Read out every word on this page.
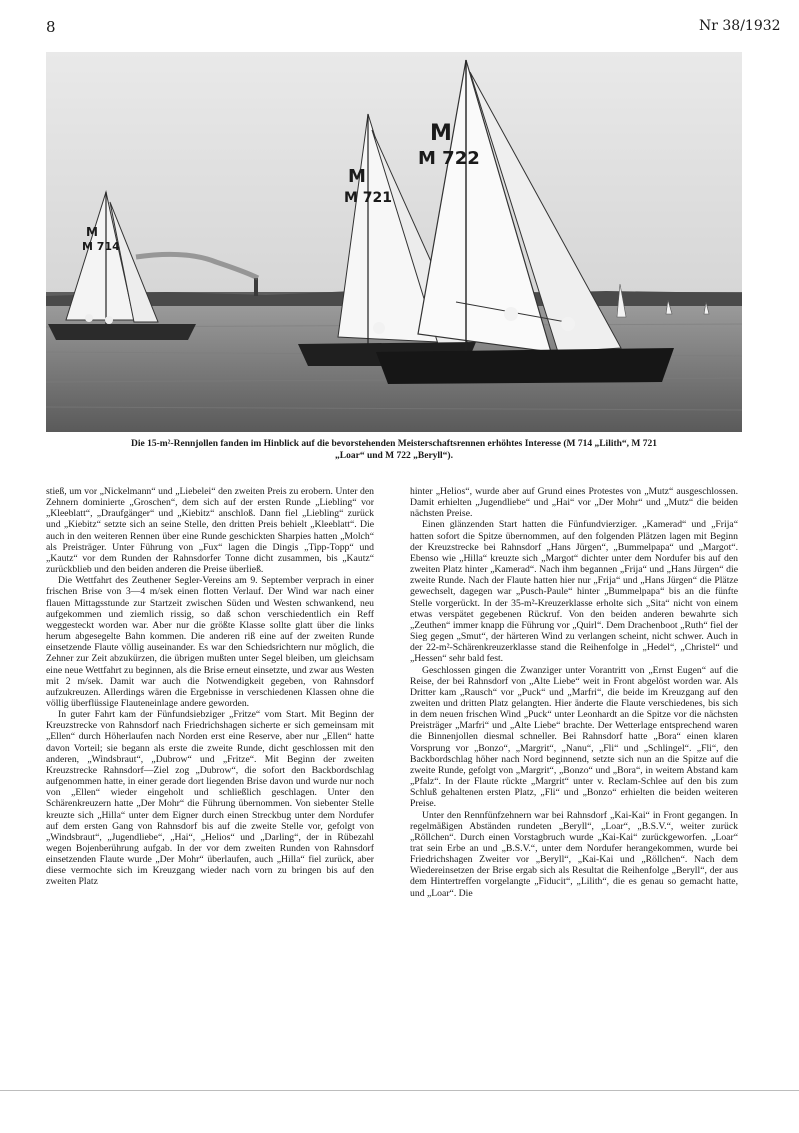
8	Nr 38/1932
M
M 714
M
M 721
M
M 722
Die 15-m²-Rennjollen fanden im Hinblick auf die bevorstehenden Meisterschaftsrennen erhöhtes Interesse (M 714 „Lilith“, M 721
„Loar“ und M 722 „Beryll“).

stieß, um vor „Nickelmann“ und „Liebelei“ den zweiten Preis zu erobern. Unter den Zehnern dominierte „Groschen“, dem sich auf der ersten Runde „Liebling“ vor „Kleeblatt“, „Draufgänger“ und „Kiebitz“ anschloß. Dann fiel „Liebling“ zurück und „Kiebitz“ setzte sich an seine Stelle, den dritten Preis behielt „Kleeblatt“. Die auch in den weiteren Rennen über eine Runde geschickten Sharpies hatten „Molch“ als Preisträger. Unter Führung von „Fux“ lagen die Dingis „Tipp-Topp“ und „Kautz“ vor dem Runden der Rahnsdorfer Tonne dicht zusammen, bis „Kautz“ zurückblieb und den beiden anderen die Preise überließ.

Die Wettfahrt des Zeuthener Segler-Vereins am 9. September verprach in einer frischen Brise von 3—4 m/sek einen flotten Verlauf. Der Wind war nach einer flauen Mittagsstunde zur Startzeit zwischen Süden und Westen schwankend, neu aufgekommen und ziemlich rissig, so daß schon verschiedentlich ein Reff weggesteckt worden war. Aber nur die größte Klasse sollte glatt über die links herum abgesegelte Bahn kommen. Die anderen riß eine auf der zweiten Runde einsetzende Flaute völlig auseinander. Es war den Schiedsrichtern nur möglich, die Zehner zur Zeit abzukürzen, die übrigen mußten unter Segel bleiben, um gleichsam eine neue Wettfahrt zu beginnen, als die Brise erneut einsetzte, und zwar aus Westen mit 2 m/sek. Damit war auch die Notwendigkeit gegeben, von Rahnsdorf aufzukreuzen. Allerdings wären die Ergebnisse in verschiedenen Klassen ohne die völlig überflüssige Flauteneinlage andere geworden.

In guter Fahrt kam der Fünfundsiebziger „Fritze“ vom Start. Mit Beginn der Kreuzstrecke von Rahnsdorf nach Friedrichshagen sicherte er sich gemeinsam mit „Ellen“ durch Höherlaufen nach Norden erst eine Reserve, aber nur „Ellen“ hatte davon Vorteil; sie begann als erste die zweite Runde, dicht geschlossen mit den anderen, „Windsbraut“, „Dubrow“ und „Fritze“. Mit Beginn der zweiten Kreuzstrecke Rahnsdorf—Ziel zog „Dubrow“, die sofort den Backbordschlag aufgenommen hatte, in einer gerade dort liegenden Brise davon und wurde nur noch von „Ellen“ wieder eingeholt und schließlich geschlagen. Unter den Schärenkreuzern hatte „Der Mohr“ die Führung übernommen. Von siebenter Stelle kreuzte sich „Hilla“ unter dem Eigner durch einen Streckbug unter dem Nordufer auf dem ersten Gang von Rahnsdorf bis auf die zweite Stelle vor, gefolgt von „Windsbraut“, „Jugendliebe“, „Hai“, „Helios“ und „Darling“, der in Rübezahl wegen Bojenberührung aufgab. In der vor dem zweiten Runden von Rahnsdorf einsetzenden Flaute wurde „Der Mohr“ überlaufen, auch „Hilla“ fiel zurück, aber diese vermochte sich im Kreuzgang wieder nach vorn zu bringen bis auf den zweiten Platz

hinter „Helios“, wurde aber auf Grund eines Protestes von „Mutz“ ausgeschlossen. Damit erhielten „Jugendliebe“ und „Hai“ vor „Der Mohr“ und „Mutz“ die beiden nächsten Preise.

Einen glänzenden Start hatten die Fünfundvierziger. „Kamerad“ und „Frija“ hatten sofort die Spitze übernommen, auf den folgenden Plätzen lagen mit Beginn der Kreuzstrecke bei Rahnsdorf „Hans Jürgen“, „Bummelpapa“ und „Margot“. Ebenso wie „Hilla“ kreuzte sich „Margot“ dichter unter dem Nordufer bis auf den zweiten Platz hinter „Kamerad“. Nach ihm begannen „Frija“ und „Hans Jürgen“ die zweite Runde. Nach der Flaute hatten hier nur „Frija“ und „Hans Jürgen“ die Plätze gewechselt, dagegen war „Pusch-Paule“ hinter „Bummelpapa“ bis an die fünfte Stelle vorgerückt. In der 35-m²-Kreuzerklasse erholte sich „Sita“ nicht von einem etwas verspätet gegebenen Rückruf. Von den beiden anderen bewahrte sich „Zeuthen“ immer knapp die Führung vor „Quirl“. Dem Drachenboot „Ruth“ fiel der Sieg gegen „Smut“, der härteren Wind zu verlangen scheint, nicht schwer. Auch in der 22-m²-Schärenkreuzerklasse stand die Reihenfolge in „Hedel“, „Christel“ und „Hessen“ sehr bald fest.

Geschlossen gingen die Zwanziger unter Vorantritt von „Ernst Eugen“ auf die Reise, der bei Rahnsdorf von „Alte Liebe“ weit in Front abgelöst worden war. Als Dritter kam „Rausch“ vor „Puck“ und „Marfri“, die beide im Kreuzgang auf den zweiten und dritten Platz gelangten. Hier änderte die Flaute verschiedenes, bis sich in dem neuen frischen Wind „Puck“ unter Leonhardt an die Spitze vor die nächsten Preisträger „Marfri“ und „Alte Liebe“ brachte. Der Wetterlage entsprechend waren die Binnenjollen diesmal schneller. Bei Rahnsdorf hatte „Bora“ einen klaren Vorsprung vor „Bonzo“, „Margrit“, „Nanu“, „Fli“ und „Schlingel“. „Fli“, den Backbordschlag höher nach Nord beginnend, setzte sich nun an die Spitze auf die zweite Runde, gefolgt von „Margrit“, „Bonzo“ und „Bora“, in weitem Abstand kam „Pfalz“. In der Flaute rückte „Margrit“ unter v. Reclam-Schlee auf den bis zum Schluß gehaltenen ersten Platz, „Fli“ und „Bonzo“ erhielten die beiden weiteren Preise.

Unter den Rennfünfzehnern war bei Rahnsdorf „Kai-Kai“ in Front gegangen. In regelmäßigen Abständen rundeten „Beryll“, „Loar“, „B.S.V.“, weiter zurück „Röllchen“. Durch einen Vorstagbruch wurde „Kai-Kai“ zurückgeworfen. „Loar“ trat sein Erbe an und „B.S.V.“, unter dem Nordufer herangekommen, wurde bei Friedrichshagen Zweiter vor „Beryll“, „Kai-Kai und „Röllchen“. Nach dem Wiedereinsetzen der Brise ergab sich als Resultat die Reihenfolge „Beryll“, der aus dem Hintertreffen vorgelangte „Fiducit“, „Lilith“, die es genau so gemacht hatte, und „Loar“. Die
